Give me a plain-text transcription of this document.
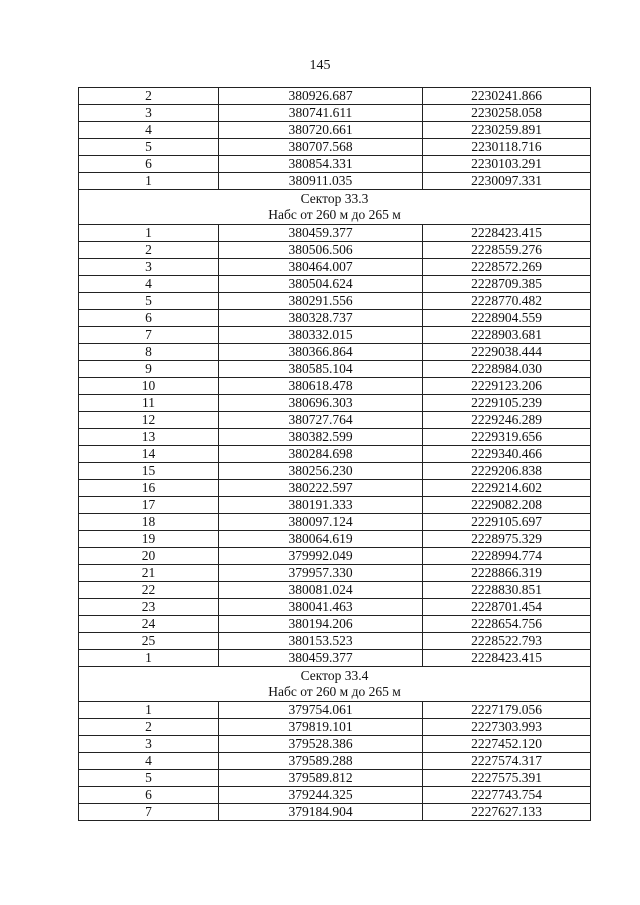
145
2	380926.687	2230241.866
3	380741.611	2230258.058
4	380720.661	2230259.891
5	380707.568	2230118.716
6	380854.331	2230103.291
1	380911.035	2230097.331

Сектор 33.3
Набс от 260 м до 265 м		

1	380459.377	2228423.415
2	380506.506	2228559.276
3	380464.007	2228572.269
4	380504.624	2228709.385
5	380291.556	2228770.482
6	380328.737	2228904.559
7	380332.015	2228903.681
8	380366.864	2229038.444
9	380585.104	2228984.030
10	380618.478	2229123.206
11	380696.303	2229105.239
12	380727.764	2229246.289
13	380382.599	2229319.656
14	380284.698	2229340.466
15	380256.230	2229206.838
16	380222.597	2229214.602
17	380191.333	2229082.208
18	380097.124	2229105.697
19	380064.619	2228975.329
20	379992.049	2228994.774
21	379957.330	2228866.319
22	380081.024	2228830.851
23	380041.463	2228701.454
24	380194.206	2228654.756
25	380153.523	2228522.793
1	380459.377	2228423.415

Сектор 33.4
Набс от 260 м до 265 м		

1	379754.061	2227179.056
2	379819.101	2227303.993
3	379528.386	2227452.120
4	379589.288	2227574.317
5	379589.812	2227575.391
6	379244.325	2227743.754
7	379184.904	2227627.133
